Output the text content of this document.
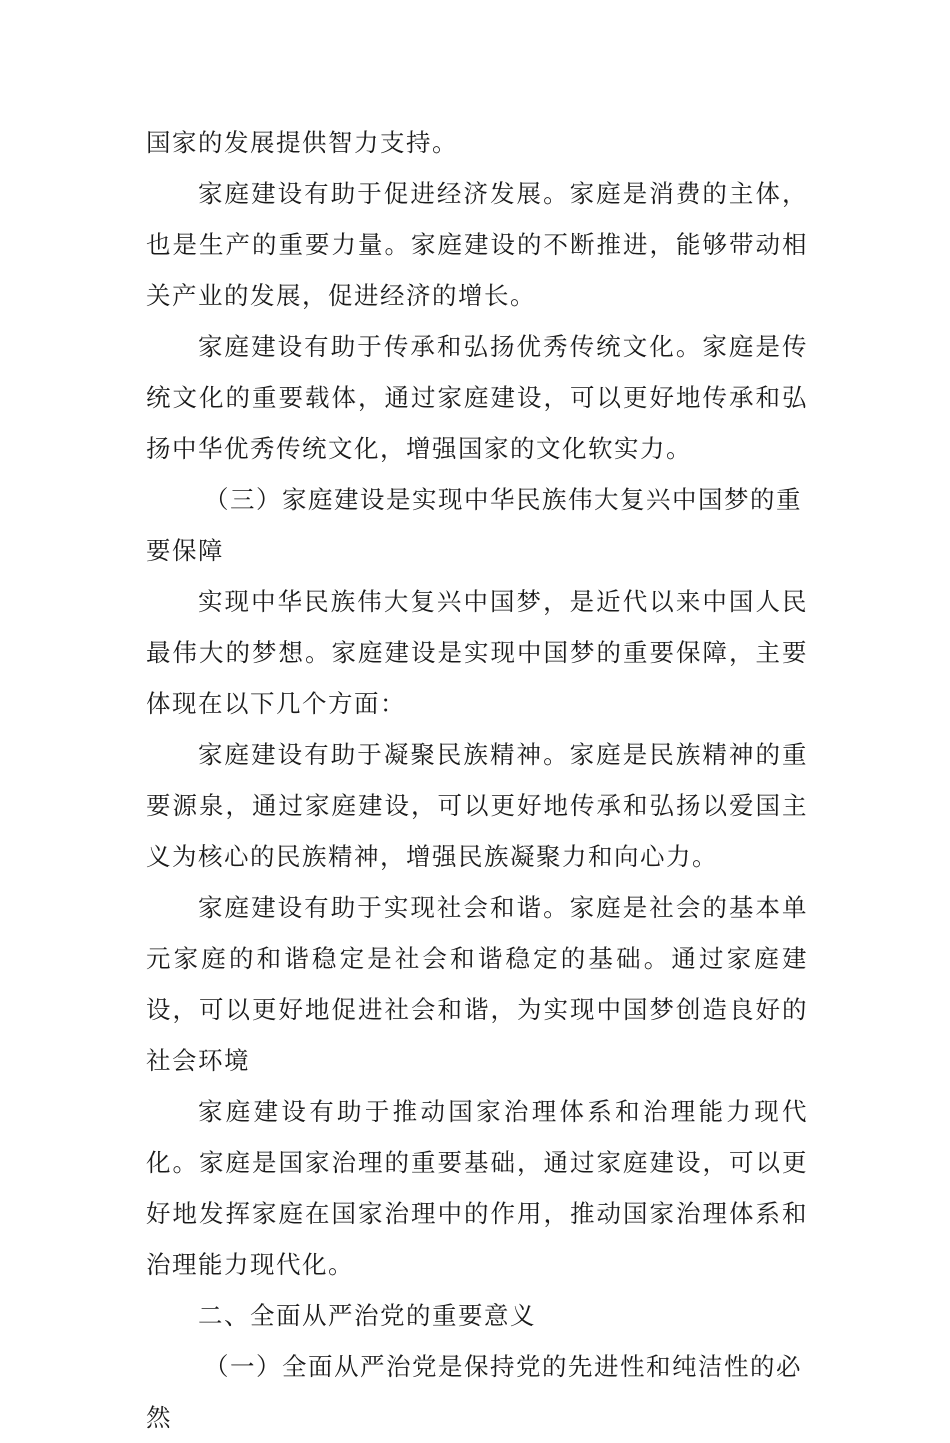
国家的发展提供智力支持。

家庭建设有助于促进经济发展。家庭是消费的主体，也是生产的重要力量。家庭建设的不断推进，能够带动相关产业的发展，促进经济的增长。

家庭建设有助于传承和弘扬优秀传统文化。家庭是传统文化的重要载体，通过家庭建设，可以更好地传承和弘扬中华优秀传统文化，增强国家的文化软实力。

（三）家庭建设是实现中华民族伟大复兴中国梦的重要保障

实现中华民族伟大复兴中国梦，是近代以来中国人民最伟大的梦想。家庭建设是实现中国梦的重要保障，主要体现在以下几个方面：

家庭建设有助于凝聚民族精神。家庭是民族精神的重要源泉，通过家庭建设，可以更好地传承和弘扬以爱国主义为核心的民族精神，增强民族凝聚力和向心力。

家庭建设有助于实现社会和谐。家庭是社会的基本单元家庭的和谐稳定是社会和谐稳定的基础。通过家庭建设，可以更好地促进社会和谐，为实现中国梦创造良好的社会环境

家庭建设有助于推动国家治理体系和治理能力现代化。家庭是国家治理的重要基础，通过家庭建设，可以更好地发挥家庭在国家治理中的作用，推动国家治理体系和治理能力现代化。

二、全面从严治党的重要意义

（一）全面从严治党是保持党的先进性和纯洁性的必然
